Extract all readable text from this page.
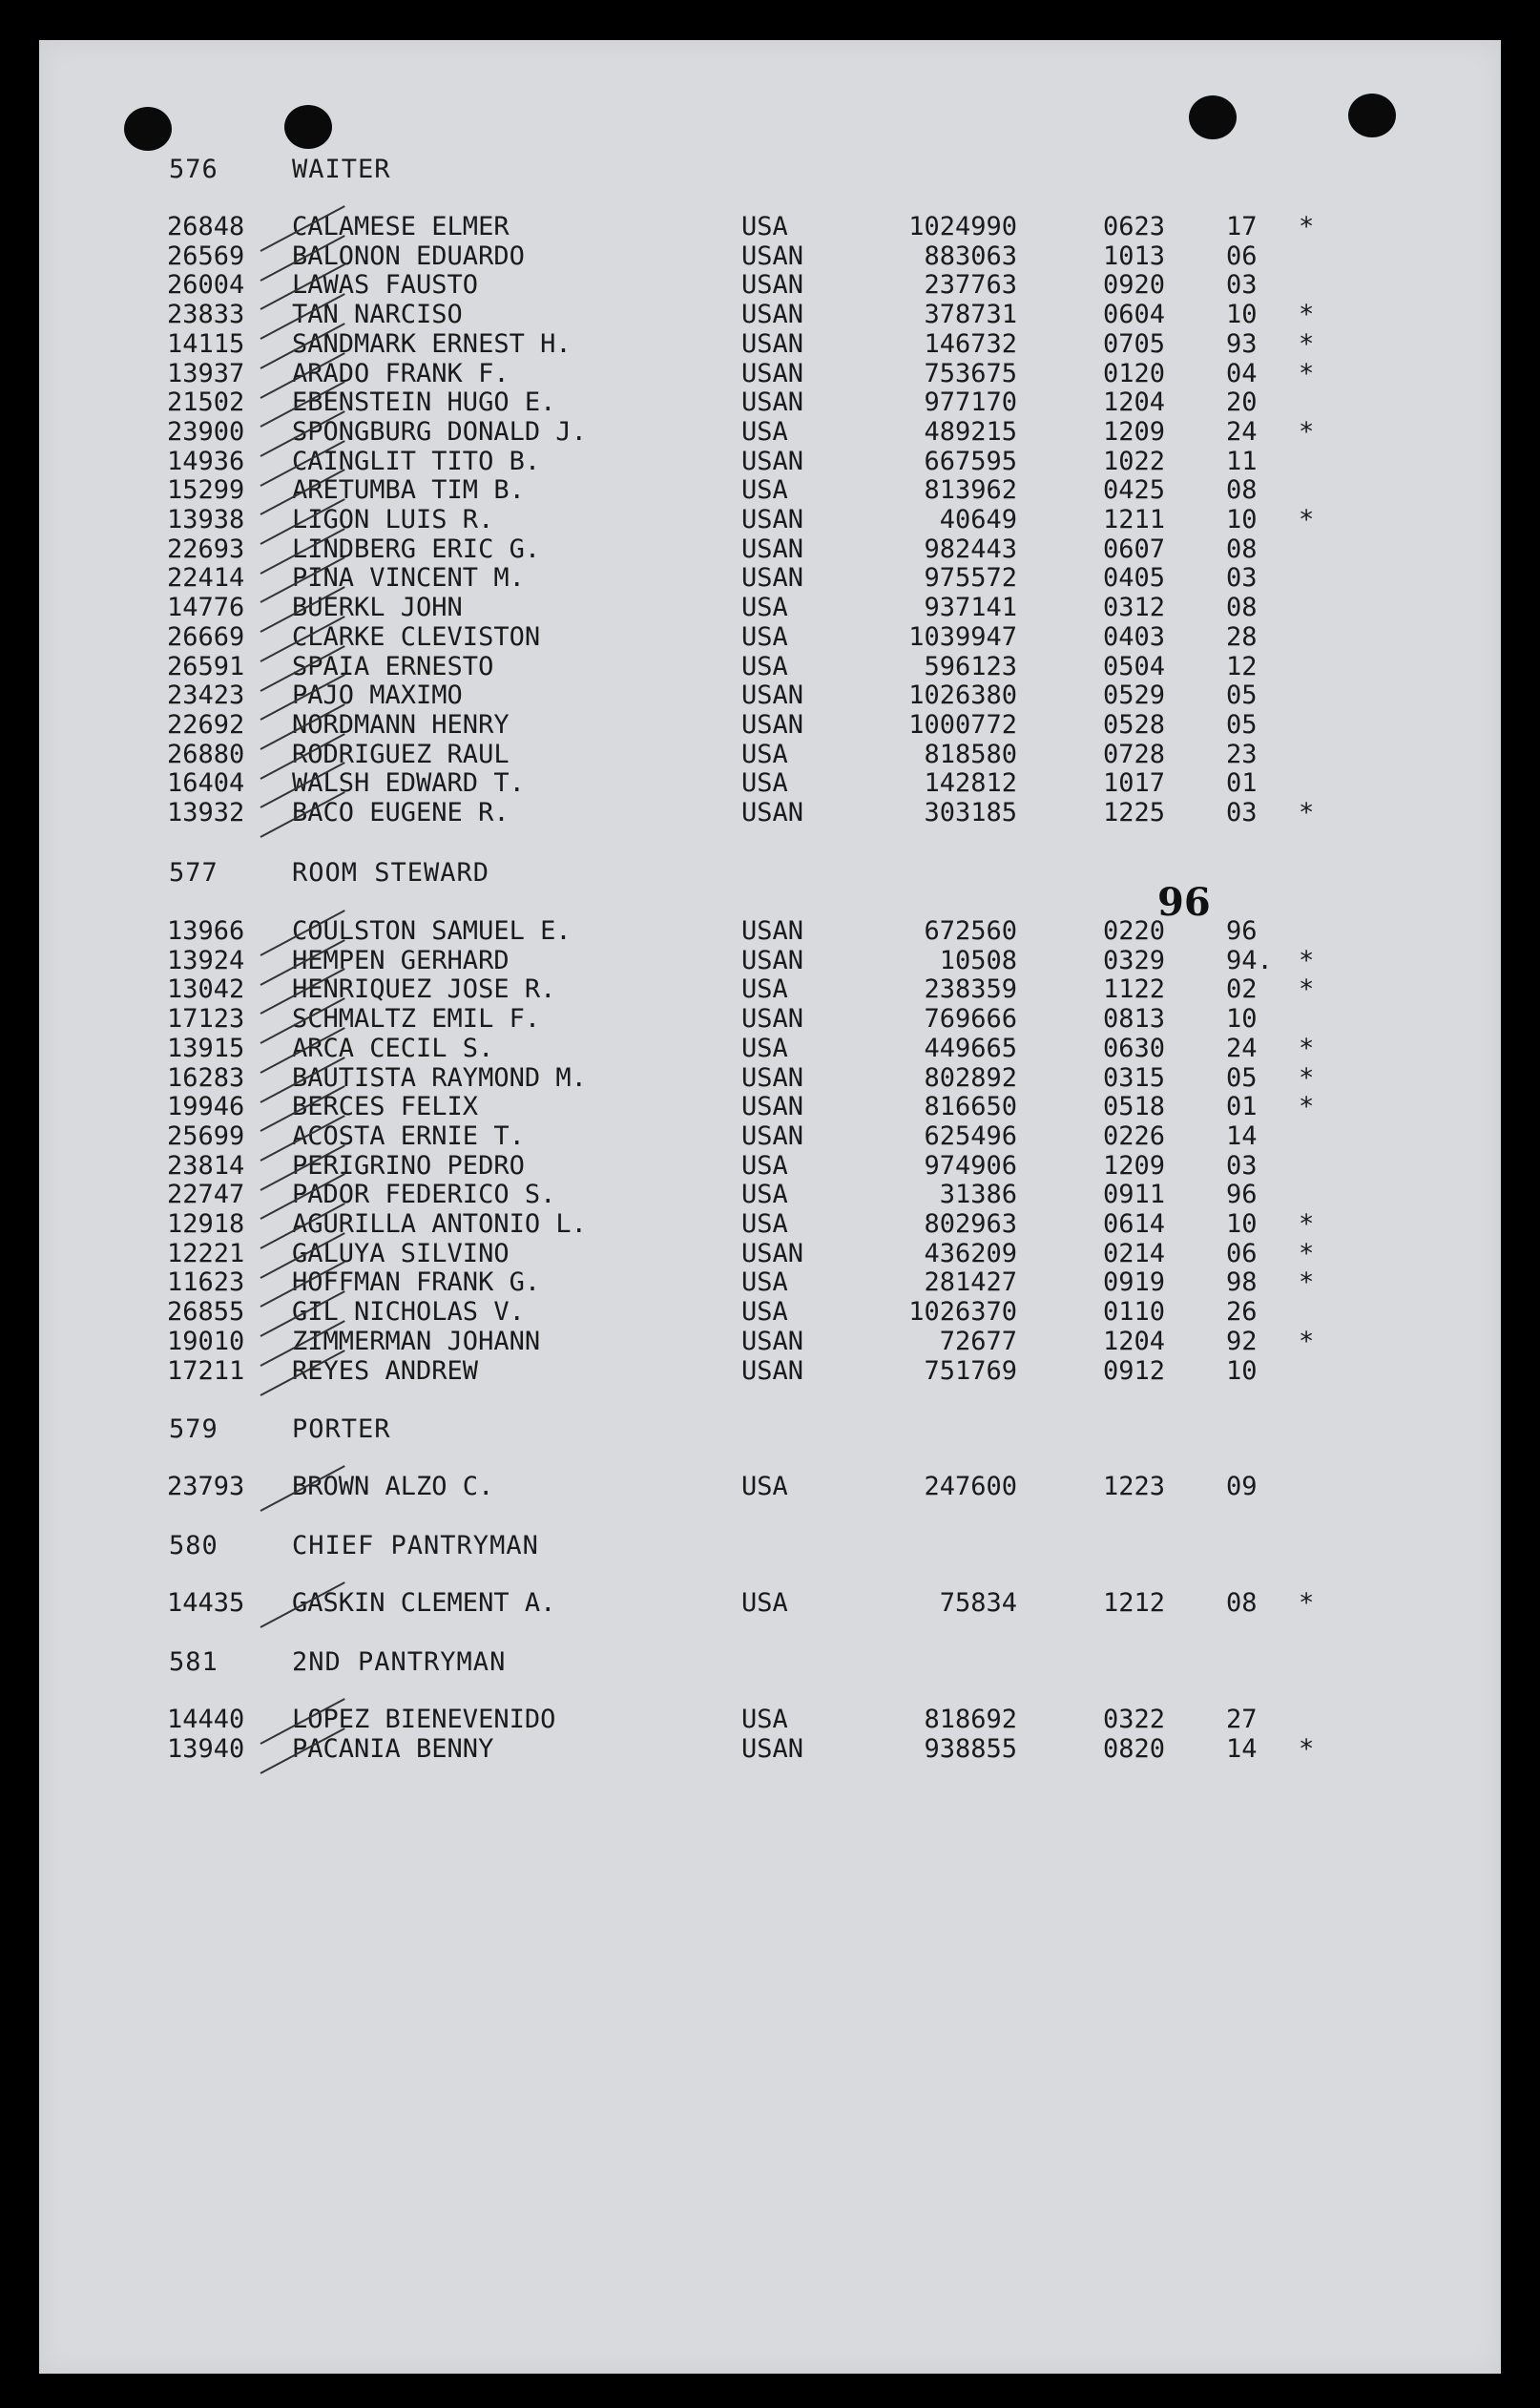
96
576	WAITER
26848 CALAMESE ELMER	USA	1024990	0623 17 *
26569 BALONON EDUARDO	USAN	883063	1013 06
26004 LAWAS FAUSTO	USAN	237763	0920 03
23833 TAN NARCISO	USAN	378731	0604 10 *
14115 SANDMARK ERNEST H.	USAN	146732	0705 93 *
13937 ARADO FRANK F.	USAN	753675	0120 04 *
21502 EBENSTEIN HUGO E.	USAN	977170	1204 20
23900 SPONGBURG DONALD J.	USA	489215	1209 24 *
14936 CAINGLIT TITO B.	USAN	667595	1022 11
15299 ARETUMBA TIM B.	USA	813962	0425 08
13938 LIGON LUIS R.	USAN	40649	1211 10 *
22693 LINDBERG ERIC G.	USAN	982443	0607 08
22414 PINA VINCENT M.	USAN	975572	0405 03
14776 BUERKL JOHN	USA	937141	0312 08
26669 CLARKE CLEVISTON	USA	1039947	0403 28
26591 SPAIA ERNESTO	USA	596123	0504 12
23423 PAJO MAXIMO	USAN	1026380	0529 05
22692 NORDMANN HENRY	USAN	1000772	0528 05
26880 RODRIGUEZ RAUL	USA	818580	0728 23
16404 WALSH EDWARD T.	USA	142812	1017 01
13932 BACO EUGENE R.	USAN	303185	1225 03 *
577	ROOM STEWARD
13966 COULSTON SAMUEL E.	USAN	672560	0220 96
13924 HEMPEN GERHARD	USAN	10508	0329 94. *
13042 HENRIQUEZ JOSE R.	USA	238359	1122 02 *
17123 SCHMALTZ EMIL F.	USAN	769666	0813 10
13915 ARCA CECIL S.	USA	449665	0630 24 *
16283 BAUTISTA RAYMOND M.	USAN	802892	0315 05 *
19946 BERCES FELIX	USAN	816650	0518 01 *
25699 ACOSTA ERNIE T.	USAN	625496	0226 14
23814 PERIGRINO PEDRO	USA	974906	1209 03
22747 PADOR FEDERICO S.	USA	31386	0911 96
12918 AGURILLA ANTONIO L.	USA	802963	0614 10 *
12221 GALUYA SILVINO	USAN	436209	0214 06 *
11623 HOFFMAN FRANK G.	USA	281427	0919 98 *
26855 GIL NICHOLAS V.	USA	1026370	0110 26
19010 ZIMMERMAN JOHANN	USAN	72677	1204 92 *
17211 REYES ANDREW	USAN	751769	0912 10
579	PORTER
23793 BROWN ALZO C.	USA	247600	1223 09
580	CHIEF PANTRYMAN
14435 GASKIN CLEMENT A.	USA	75834	1212 08 *
581	2ND PANTRYMAN
14440 LOPEZ BIENEVENIDO	USA	818692	0322 27
13940 PACANIA BENNY	USAN	938855	0820 14 *
